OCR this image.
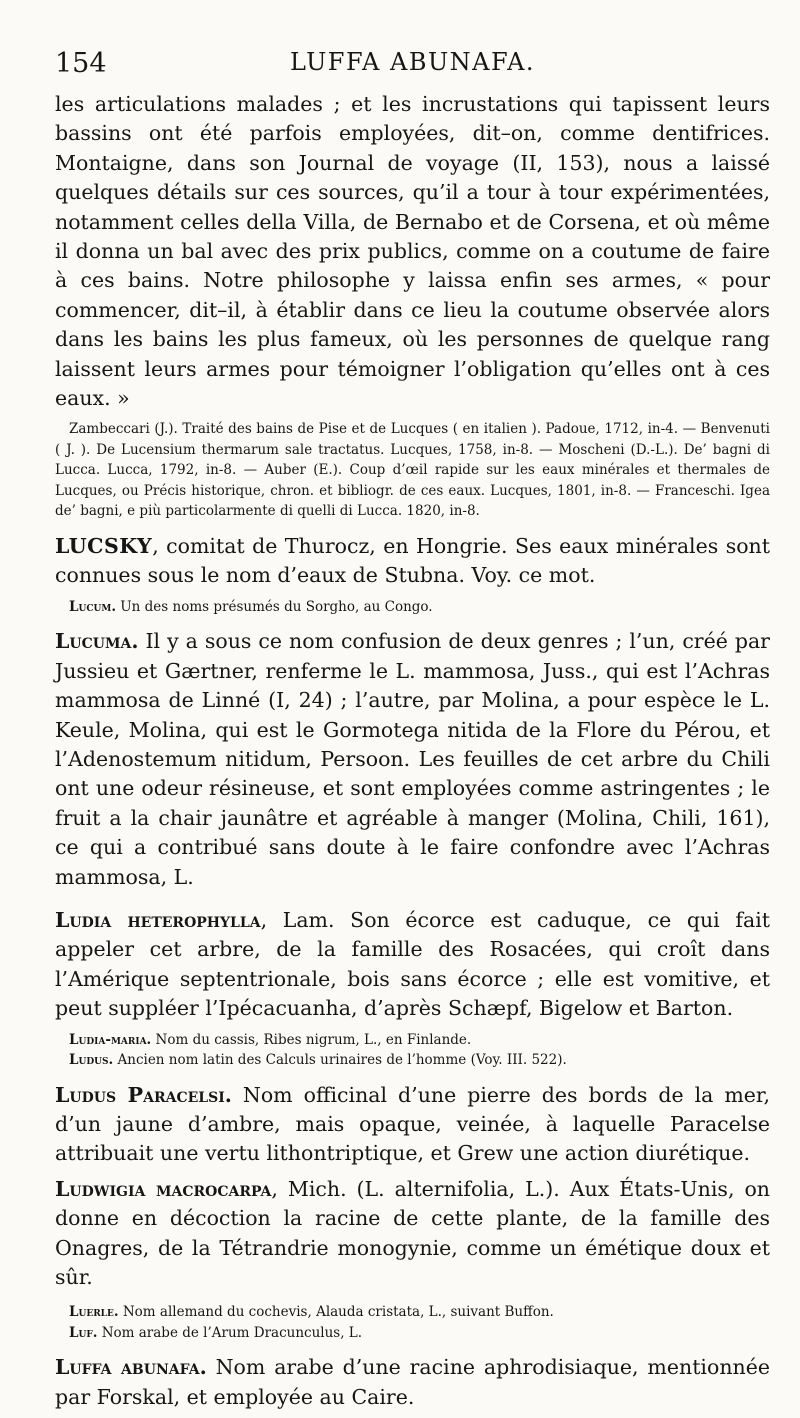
154	LUFFA ABUNAFA.

les articulations malades ; et les incrustations qui tapissent leurs bassins ont été parfois employées, dit–on, comme dentifrices. Montaigne, dans son Journal de voyage (II, 153), nous a laissé quelques détails sur ces sources, qu’il a tour à tour expérimentées, notamment celles della Villa, de Bernabo et de Corsena, et où même il donna un bal avec des prix publics, comme on a coutume de faire à ces bains. Notre philosophe y laissa enfin ses armes, « pour commencer, dit–il, à établir dans ce lieu la coutume observée alors dans les bains les plus fameux, où les personnes de quelque rang laissent leurs armes pour témoigner l’obligation qu’elles ont à ces eaux. »

Zambeccari (J.). Traité des bains de Pise et de Lucques ( en italien ). Padoue, 1712, in-4. — Benvenuti ( J. ). De Lucensium thermarum sale tractatus. Lucques, 1758, in-8. — Moscheni (D.-L.). De’ bagni di Lucca. Lucca, 1792, in-8. — Auber (E.). Coup d’œil rapide sur les eaux minérales et thermales de Lucques, ou Précis historique, chron. et bibliogr. de ces eaux. Lucques, 1801, in-8. — Franceschi. Igea de’ bagni, e più particolarmente di quelli di Lucca. 1820, in-8.

LUCSKY, comitat de Thurocz, en Hongrie. Ses eaux minérales sont connues sous le nom d’eaux de Stubna. Voy. ce mot.

Lucum. Un des noms présumés du Sorgho, au Congo.

Lucuma. Il y a sous ce nom confusion de deux genres ; l’un, créé par Jussieu et Gærtner, renferme le L. mammosa, Juss., qui est l’Achras mammosa de Linné (I, 24) ; l’autre, par Molina, a pour espèce le L. Keule, Molina, qui est le Gormotega nitida de la Flore du Pérou, et l’Adenostemum nitidum, Persoon. Les feuilles de cet arbre du Chili ont une odeur résineuse, et sont employées comme astringentes ; le fruit a la chair jaunâtre et agréable à manger (Molina, Chili, 161), ce qui a contribué sans doute à le faire confondre avec l’Achras mammosa, L.

Ludia heterophylla, Lam. Son écorce est caduque, ce qui fait appeler cet arbre, de la famille des Rosacées, qui croît dans l’Amérique septentrionale, bois sans écorce ; elle est vomitive, et peut suppléer l’Ipécacuanha, d’après Schæpf, Bigelow et Barton.

Ludia-maria. Nom du cassis, Ribes nigrum, L., en Finlande.

Ludus. Ancien nom latin des Calculs urinaires de l’homme (Voy. III. 522).

Ludus Paracelsi. Nom officinal d’une pierre des bords de la mer, d’un jaune d’ambre, mais opaque, veinée, à laquelle Paracelse attribuait une vertu lithontriptique, et Grew une action diurétique.

Ludwigia macrocarpa, Mich. (L. alternifolia, L.). Aux États-Unis, on donne en décoction la racine de cette plante, de la famille des Onagres, de la Tétrandrie monogynie, comme un émétique doux et sûr.

Luerle. Nom allemand du cochevis, Alauda cristata, L., suivant Buffon.

Luf. Nom arabe de l’Arum Dracunculus, L.

Luffa abunafa. Nom arabe d’une racine aphrodisiaque, mentionnée par Forskal, et employée au Caire.
